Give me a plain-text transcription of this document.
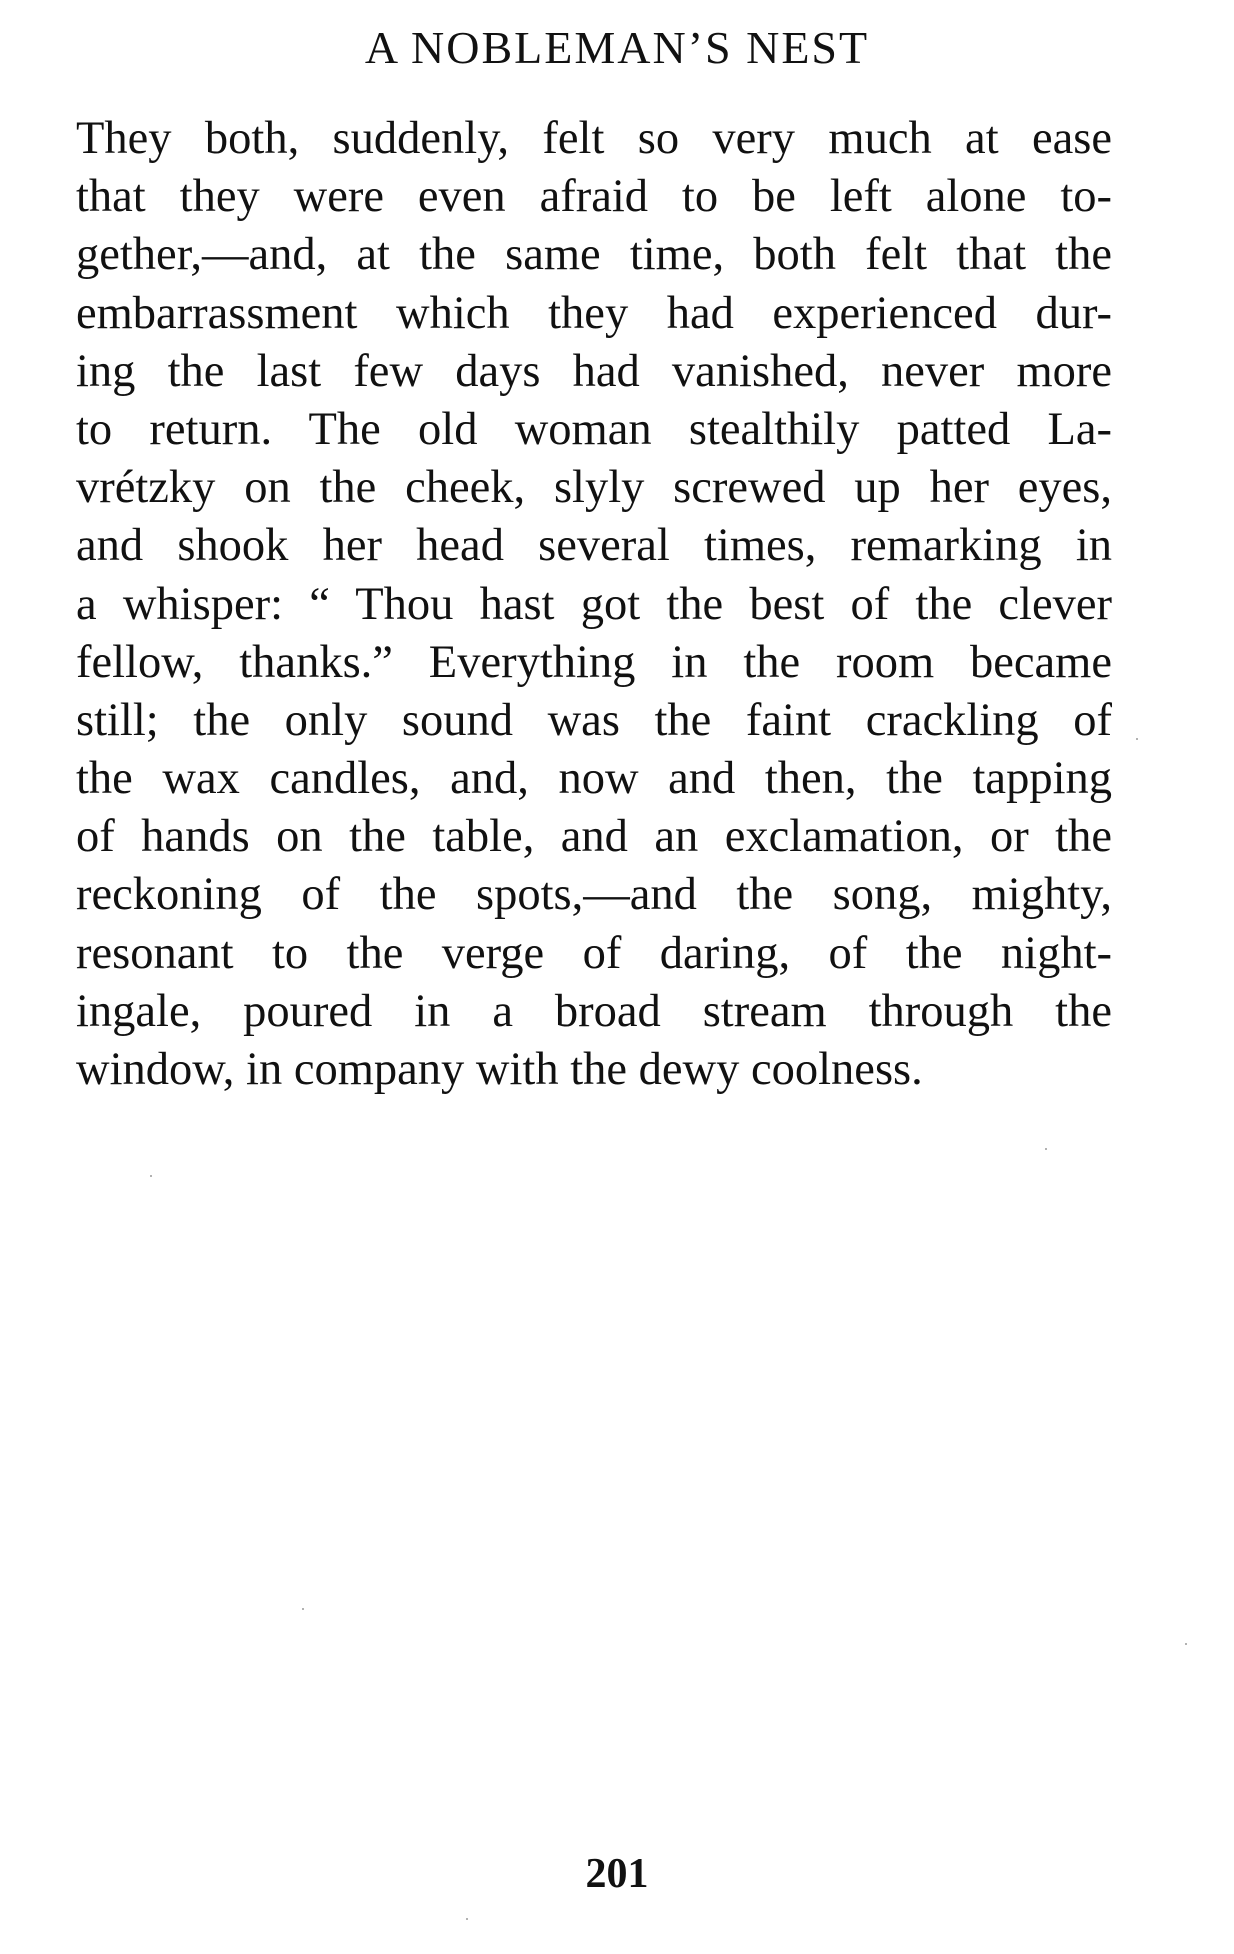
A NOBLEMAN’S NEST
They both, suddenly, felt so very much at ease
that they were even afraid to be left alone to-
gether,—and, at the same time, both felt that the
embarrassment which they had experienced dur-
ing the last few days had vanished, never more
to return. The old woman stealthily patted La-
vrétzky on the cheek, slyly screwed up her eyes,
and shook her head several times, remarking in
a whisper: “ Thou hast got the best of the clever
fellow, thanks.” Everything in the room became
still; the only sound was the faint crackling of
the wax candles, and, now and then, the tapping
of hands on the table, and an exclamation, or the
reckoning of the spots,—and the song, mighty,
resonant to the verge of daring, of the night-
ingale, poured in a broad stream through the
window, in company with the dewy coolness.
201
